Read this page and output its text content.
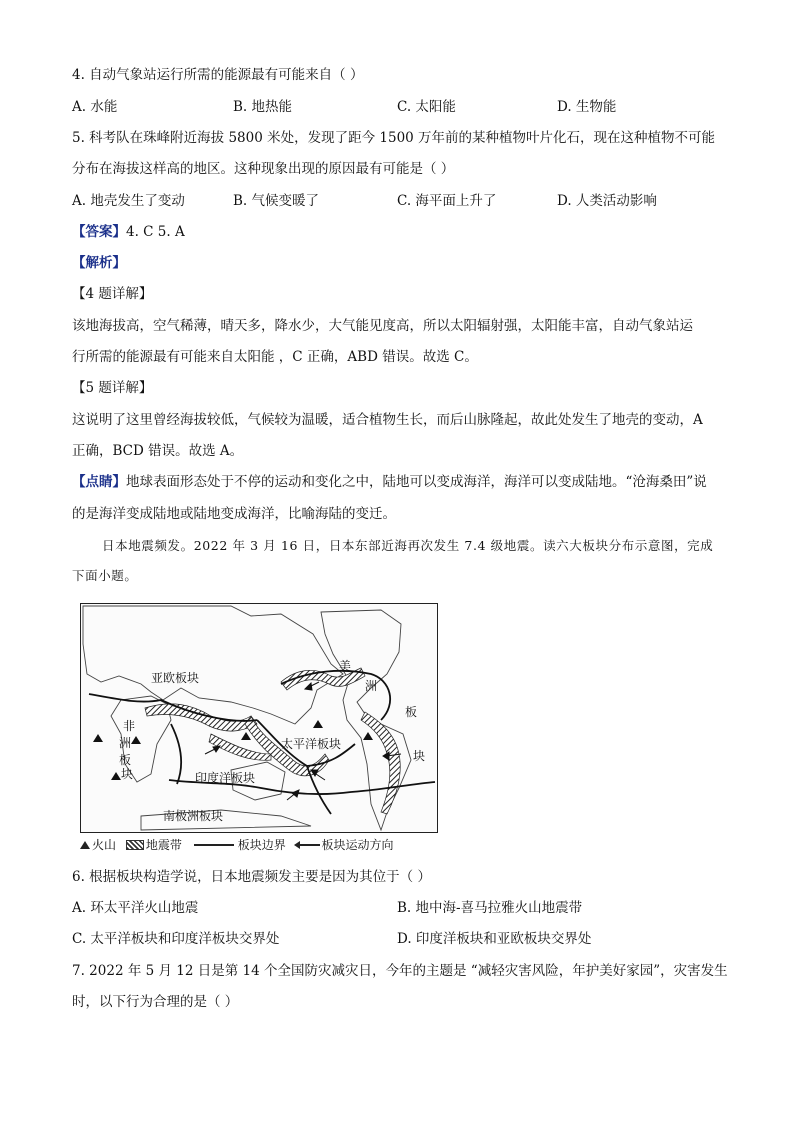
4. 自动气象站运行所需的能源最有可能来自（ ）
A. 水能	B. 地热能	C. 太阳能	D. 生物能
5. 科考队在珠峰附近海拔 5800 米处，发现了距今 1500 万年前的某种植物叶片化石，现在这种植物不可能
分布在海拔这样高的地区。这种现象出现的原因最有可能是（ ）
A. 地壳发生了变动	B. 气候变暖了	C. 海平面上升了	D. 人类活动影响
【答案】4. C 5. A
【解析】
【4 题详解】
该地海拔高，空气稀薄，晴天多，降水少，大气能见度高，所以太阳辐射强，太阳能丰富，自动气象站运
行所需的能源最有可能来自太阳能 ，C 正确，ABD 错误。故选 C。
【5 题详解】
这说明了这里曾经海拔较低，气候较为温暖，适合植物生长，而后山脉隆起，故此处发生了地壳的变动，A
正确，BCD 错误。故选 A。
【点睛】地球表面形态处于不停的运动和变化之中，陆地可以变成海洋，海洋可以变成陆地。“沧海桑田”说
的是海洋变成陆地或陆地变成海洋，比喻海陆的变迁。
日本地震频发。2022 年 3 月 16 日，日本东部近海再次发生 7.4 级地震。读六大板块分布示意图，完成
下面小题。
亚欧板块
非
洲
板
块
太平洋板块
印度洋板块
美
洲
板
块
南极洲板块
火山 地震带	板块边界	板块运动方向
6. 根据板块构造学说，日本地震频发主要是因为其位于（ ）
A. 环太平洋火山地震	B. 地中海-喜马拉雅火山地震带
C. 太平洋板块和印度洋板块交界处	D. 印度洋板块和亚欧板块交界处
7. 2022 年 5 月 12 日是第 14 个全国防灾减灾日，今年的主题是 “减轻灾害风险，年护美好家园”，灾害发生
时，以下行为合理的是（ ）
